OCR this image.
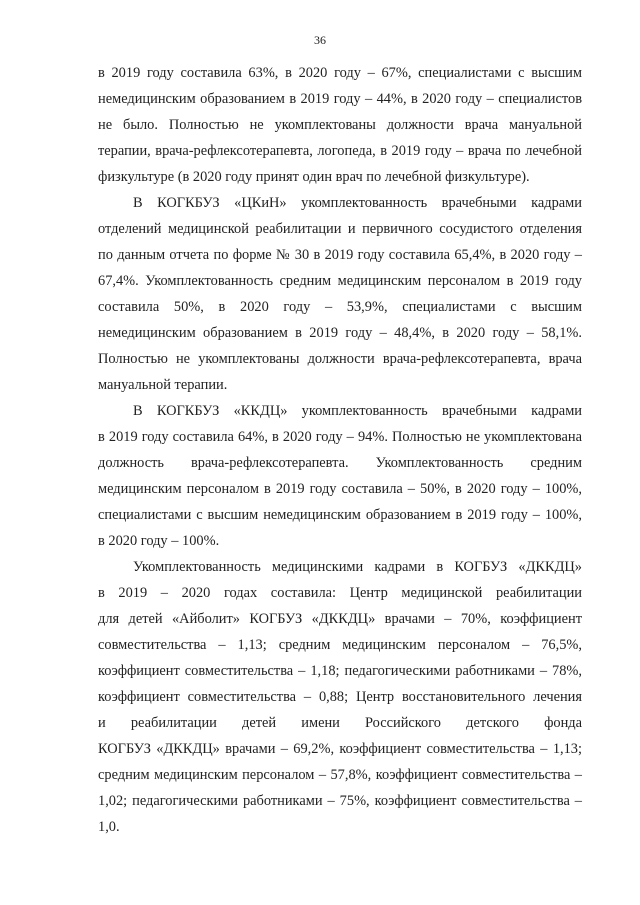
36
в 2019 году составила 63%, в 2020 году – 67%, специалистами с высшим
немедицинским образованием в 2019 году – 44%, в 2020 году – специалистов
не было. Полностью не укомплектованы должности врача мануальной
терапии, врача-рефлексотерапевта, логопеда, в 2019 году – врача по лечебной
физкультуре (в 2020 году принят один врач по лечебной физкультуре).
В КОГКБУЗ «ЦКиН» укомплектованность врачебными кадрами
отделений медицинской реабилитации и первичного сосудистого отделения
по данным отчета по форме № 30 в 2019 году составила 65,4%, в 2020 году –
67,4%. Укомплектованность средним медицинским персоналом в 2019 году
составила 50%, в 2020 году – 53,9%, специалистами с высшим
немедицинским образованием в 2019 году – 48,4%, в 2020 году – 58,1%.
Полностью не укомплектованы должности врача-рефлексотерапевта, врача
мануальной терапии.
В КОГКБУЗ «ККДЦ» укомплектованность врачебными кадрами
в 2019 году составила 64%, в 2020 году – 94%. Полностью не укомплектована
должность врача-рефлексотерапевта. Укомплектованность средним
медицинским персоналом в 2019 году составила – 50%, в 2020 году – 100%,
специалистами с высшим немедицинским образованием в 2019 году – 100%,
в 2020 году – 100%.
Укомплектованность медицинскими кадрами в КОГБУЗ «ДККДЦ»
в 2019 – 2020 годах составила: Центр медицинской реабилитации
для детей «Айболит» КОГБУЗ «ДККДЦ» врачами – 70%, коэффициент
совместительства – 1,13; средним медицинским персоналом – 76,5%,
коэффициент совместительства – 1,18; педагогическими работниками – 78%,
коэффициент совместительства – 0,88; Центр восстановительного лечения
и реабилитации детей имени Российского детского фонда
КОГБУЗ «ДККДЦ» врачами – 69,2%, коэффициент совместительства – 1,13;
средним медицинским персоналом – 57,8%, коэффициент совместительства –
1,02; педагогическими работниками – 75%, коэффициент совместительства –
1,0.
